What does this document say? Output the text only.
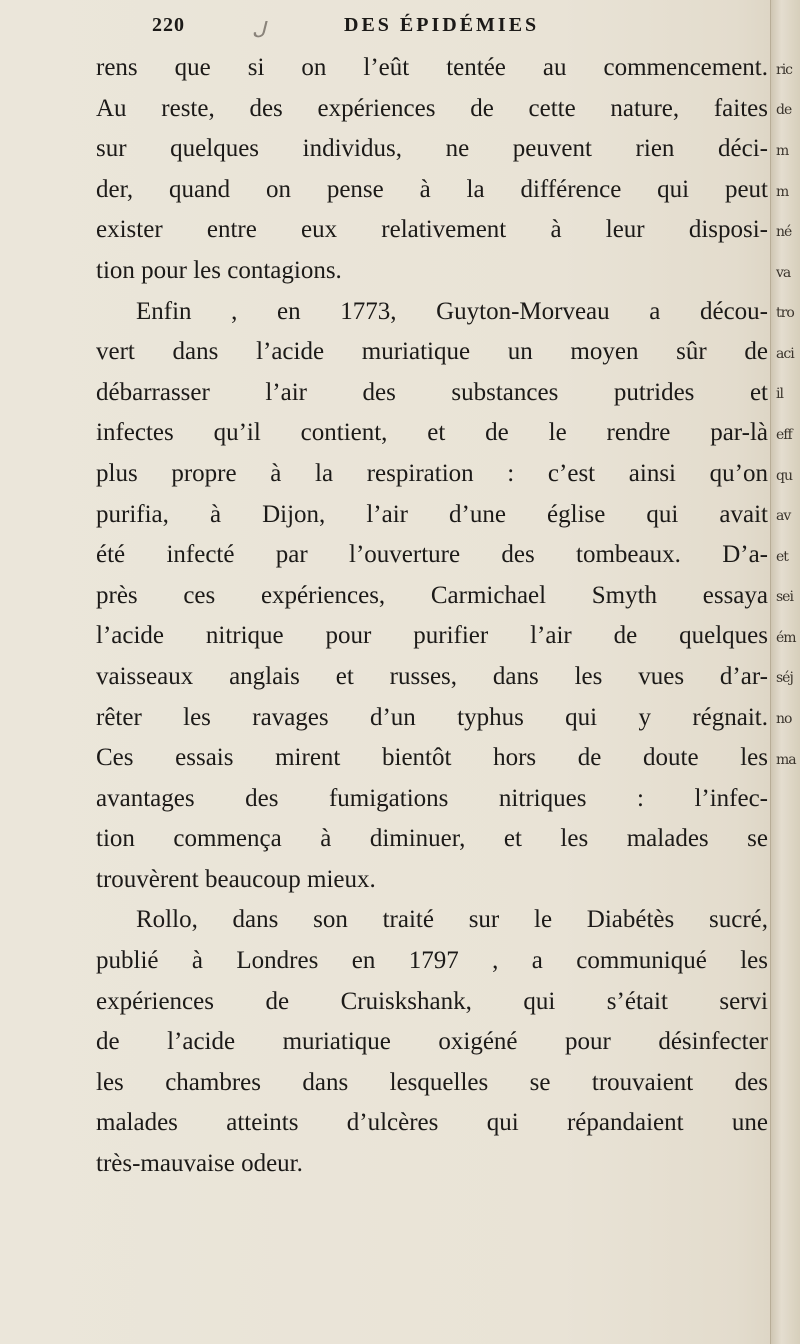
220	ᒍ	DES ÉPIDÉMIES
rens que si on l’eût tentée au commencement.
Au reste, des expériences de cette nature, faites
sur quelques individus, ne peuvent rien déci-
der, quand on pense à la différence qui peut
exister entre eux relativement à leur disposi-
tion pour les contagions.
Enfin , en 1773, Guyton-Morveau a décou-
vert dans l’acide muriatique un moyen sûr de
débarrasser l’air des substances putrides et
infectes qu’il contient, et de le rendre par-là
plus propre à la respiration : c’est ainsi qu’on
purifia, à Dijon, l’air d’une église qui avait
été infecté par l’ouverture des tombeaux. D’a-
près ces expériences, Carmichael Smyth essaya
l’acide nitrique pour purifier l’air de quelques
vaisseaux anglais et russes, dans les vues d’ar-
rêter les ravages d’un typhus qui y régnait.
Ces essais mirent bientôt hors de doute les
avantages des fumigations nitriques : l’infec-
tion commença à diminuer, et les malades se
trouvèrent beaucoup mieux.
Rollo, dans son traité sur le Diabétès sucré,
publié à Londres en 1797 , a communiqué les
expériences de Cruiskshank, qui s’était servi
de l’acide muriatique oxigéné pour désinfecter
les chambres dans lesquelles se trouvaient des
malades atteints d’ulcères qui répandaient une
très-mauvaise odeur.
ric
de
m
m
né
va
tro
aci
il
eff
qu
av
et
sei
ém
séj
no
ma
